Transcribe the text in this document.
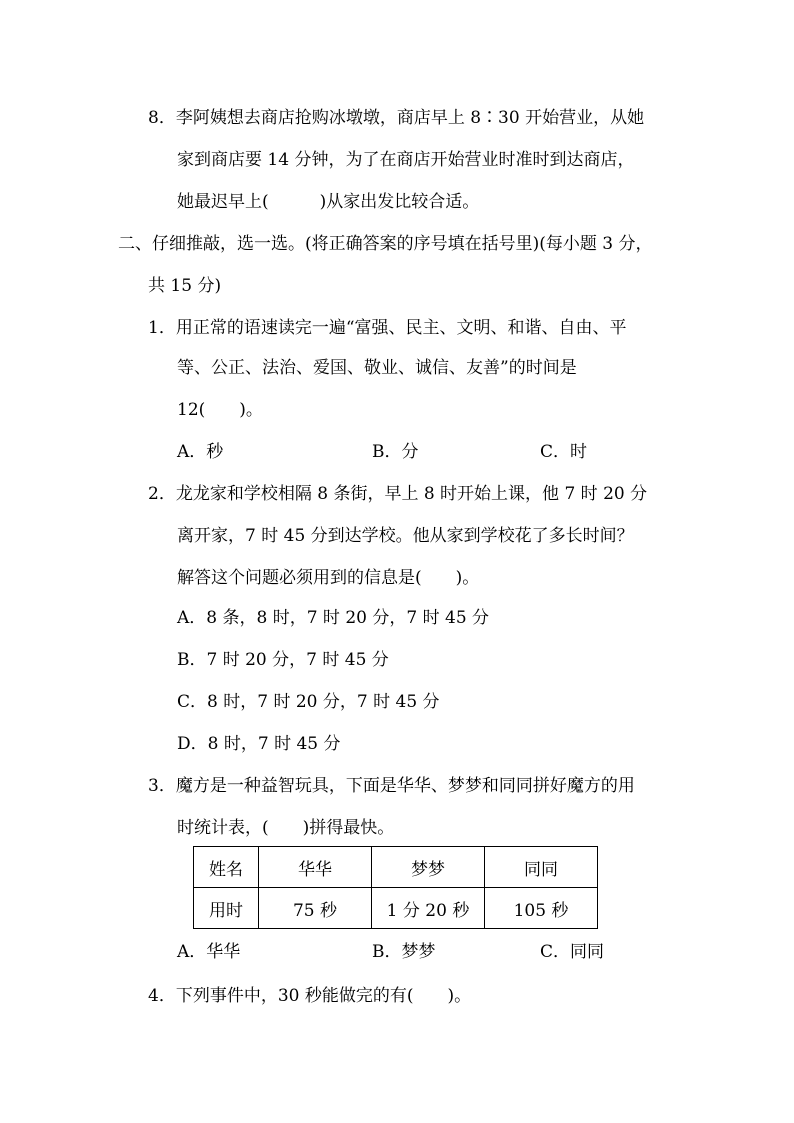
8．李阿姨想去商店抢购冰墩墩，商店早上 8∶30 开始营业，从她
家到商店要 14 分钟，为了在商店开始营业时准时到达商店，
她最迟早上(　　　)从家出发比较合适。
二、仔细推敲，选一选。(将正确答案的序号填在括号里)(每小题 3 分，
共 15 分)
1．用正常的语速读完一遍“富强、民主、文明、和谐、自由、平
等、公正、法治、爱国、敬业、诚信、友善”的时间是
12(　　)。
A．秒	B．分	C．时
2．龙龙家和学校相隔 8 条街，早上 8 时开始上课，他 7 时 20 分
离开家，7 时 45 分到达学校。他从家到学校花了多长时间？
解答这个问题必须用到的信息是(　　)。
A．8 条，8 时，7 时 20 分，7 时 45 分
B．7 时 20 分，7 时 45 分
C．8 时，7 时 20 分，7 时 45 分
D．8 时，7 时 45 分
3．魔方是一种益智玩具，下面是华华、梦梦和同同拼好魔方的用
时统计表，(　　)拼得最快。
姓名	华华	梦梦	同同
用时	75 秒	1 分 20 秒	105 秒
A．华华	B．梦梦	C．同同
4．下列事件中，30 秒能做完的有(　　)。
